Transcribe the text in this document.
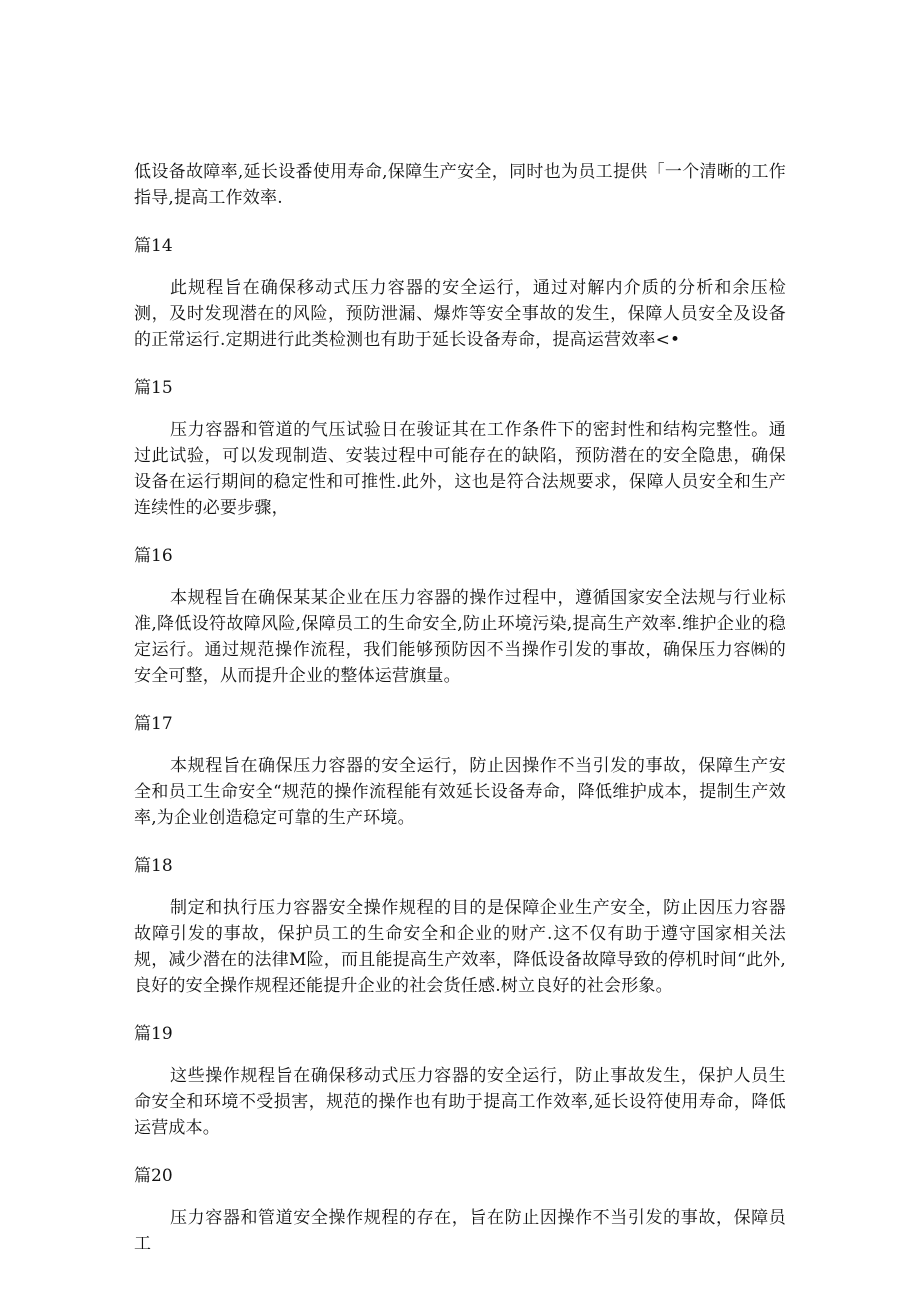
低设备故障率,延长设番使用寿命,保障生产安全，同时也为员工提供「一个清晰的工作指导,提高工作效率.

篇14

此规程旨在确保移动式压力容器的安全运行，通过对解内介质的分析和余压检测，及时发现潜在的风险，预防泄漏、爆炸等安全事故的发生，保障人员安全及设备的正常运行.定期进行此类检测也有助于延长设备寿命，提高运营效率<•

篇15

压力容器和管道的气压试验日在骏证其在工作条件下的密封性和结构完整性。通过此试验，可以发现制造、安装过程中可能存在的缺陷，预防潜在的安全隐患，确保设备在运行期间的稳定性和可推性.此外，这也是符合法规要求，保障人员安全和生产连续性的必要步骤，

篇16

本规程旨在确保某某企业在压力容器的操作过程中，遵循国家安全法规与行业标准,降低设符故障风险,保障员工的生命安全,防止环境污染,提高生产效率.维护企业的稳定运行。通过规范操作流程，我们能够预防因不当操作引发的事故，确保压力容㈱的安全可整，从而提升企业的整体运营旗量。

篇17

本规程旨在确保压力容器的安全运行，防止因操作不当引发的事故，保障生产安全和员工生命安全“规范的操作流程能有效延长设备寿命，降低维护成本，提制生产效率,为企业创造稳定可靠的生产环境。

篇18

制定和执行压力容器安全操作规程的目的是保障企业生产安全，防止因压力容器故障引发的事故，保护员工的生命安全和企业的财产.这不仅有助于遵守国家相关法规，减少潜在的法律M险，而且能提高生产效率，降低设备故障导致的停机时间“此外,良好的安全操作规程还能提升企业的社会货任感.树立良好的社会形象。

篇19

这些操作规程旨在确保移动式压力容器的安全运行，防止事故发生，保护人员生命安全和环境不受损害，规范的操作也有助于提高工作效率,延长设符使用寿命，降低运营成本。

篇20

压力容器和管道安全操作规程的存在，旨在防止因操作不当引发的事故，保障员工
